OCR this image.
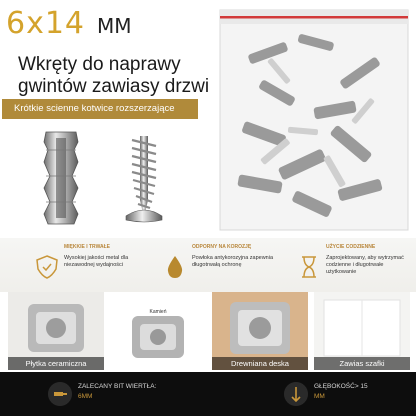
6x14 MM
Wkręty do naprawy
gwintów zawiasy drzwi
Krótkie scienne kotwice rozszerzające
MIĘKKIE I TRWAŁE
Wysokiej jakości metal dla niezawodnej wydajności
ODPORNY NA KOROZJĘ
Powłoka antykorozyjna zapewnia długotrwałą ochronę
UŻYCIE CODZIENNE
Zaprojektowany, aby wytrzymać codzienne i długotrwałe użytkowanie
Płytka ceramiczna
Kamień
Drewniana deska	Zawias szafki
ZALECANY BIT WIERTŁA:
6MM
GŁĘBOKOŚĆ> 15
MM
